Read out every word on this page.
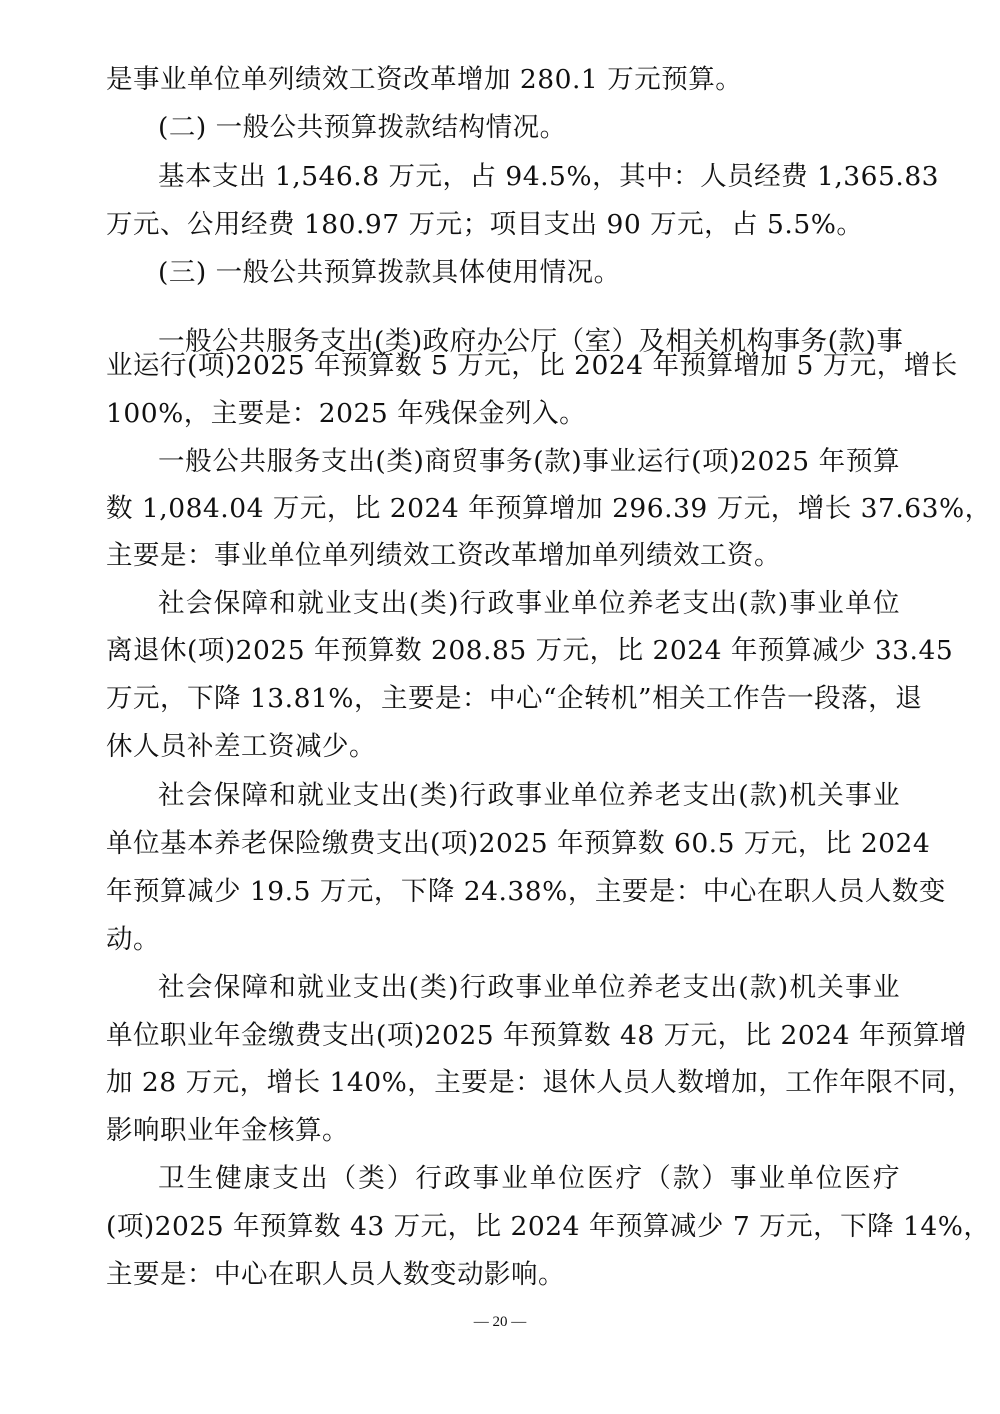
是事业单位单列绩效工资改革增加 280.1 万元预算。
(二) 一般公共预算拨款结构情况。
基本支出 1,546.8 万元，占 94.5%，其中：人员经费 1,365.83
万元、公用经费 180.97 万元；项目支出 90 万元，占 5.5%。
(三) 一般公共预算拨款具体使用情况。
一般公共服务支出(类)政府办公厅（室）及相关机构事务(款)事
业运行(项)2025 年预算数 5 万元，比 2024 年预算增加 5 万元，增长
100%，主要是：2025 年残保金列入。
一般公共服务支出(类)商贸事务(款)事业运行(项)2025 年预算
数 1,084.04 万元，比 2024 年预算增加 296.39 万元，增长 37.63%，
主要是：事业单位单列绩效工资改革增加单列绩效工资。
社会保障和就业支出(类)行政事业单位养老支出(款)事业单位
离退休(项)2025 年预算数 208.85 万元，比 2024 年预算减少 33.45
万元，下降 13.81%，主要是：中心“企转机”相关工作告一段落，退
休人员补差工资减少。
社会保障和就业支出(类)行政事业单位养老支出(款)机关事业
单位基本养老保险缴费支出(项)2025 年预算数 60.5 万元，比 2024
年预算减少 19.5 万元，下降 24.38%，主要是：中心在职人员人数变
动。
社会保障和就业支出(类)行政事业单位养老支出(款)机关事业
单位职业年金缴费支出(项)2025 年预算数 48 万元，比 2024 年预算增
加 28 万元，增长 140%，主要是：退休人员人数增加，工作年限不同，
影响职业年金核算。
卫生健康支出（类）行政事业单位医疗（款）事业单位医疗
(项)2025 年预算数 43 万元，比 2024 年预算减少 7 万元，下降 14%，
主要是：中心在职人员人数变动影响。
— 20 —
